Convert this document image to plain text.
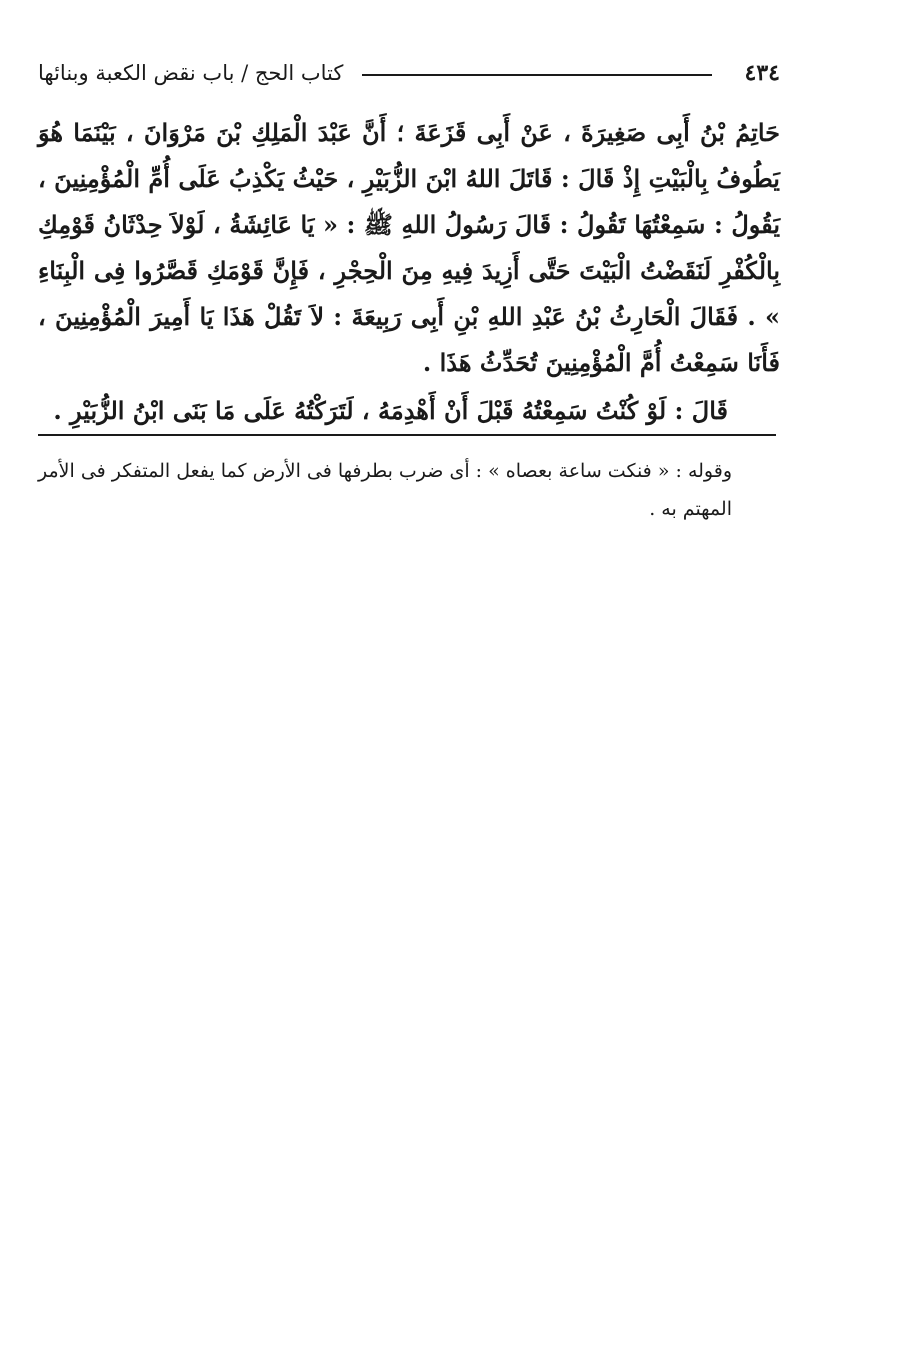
٤٣٤
كتاب الحج / باب نقض الكعبة وبنائها

حَاتِمُ بْنُ أَبِى صَغِيرَةَ ، عَنْ أَبِى قَزَعَةَ ؛ أَنَّ عَبْدَ الْمَلِكِ بْنَ مَرْوَانَ ، بَيْنَمَا هُوَ يَطُوفُ بِالْبَيْتِ إِذْ قَالَ : قَاتَلَ اللهُ ابْنَ الزُّبَيْرِ ، حَيْثُ يَكْذِبُ عَلَى أُمِّ الْمُؤْمِنِينَ ، يَقُولُ : سَمِعْتُهَا تَقُولُ : قَالَ رَسُولُ اللهِ ﷺ : « يَا عَائِشَةُ ، لَوْلاَ حِدْثَانُ قَوْمِكِ بِالْكُفْرِ لَنَقَضْتُ الْبَيْتَ حَتَّى أَزِيدَ فِيهِ مِنَ الْحِجْرِ ، فَإِنَّ قَوْمَكِ قَصَّرُوا فِى الْبِنَاءِ » . فَقَالَ الْحَارِثُ بْنُ عَبْدِ اللهِ بْنِ أَبِى رَبِيعَةَ : لاَ تَقُلْ هَذَا يَا أَمِيرَ الْمُؤْمِنِينَ ، فَأَنَا سَمِعْتُ أُمَّ الْمُؤْمِنِينَ تُحَدِّثُ هَذَا .

قَالَ : لَوْ كُنْتُ سَمِعْتُهُ قَبْلَ أَنْ أَهْدِمَهُ ، لَتَرَكْتُهُ عَلَى مَا بَنَى ابْنُ الزُّبَيْرِ .

وقوله : « فنكت ساعة بعصاه » : أى ضرب بطرفها فى الأرض كما يفعل المتفكر فى الأمر المهتم به .
